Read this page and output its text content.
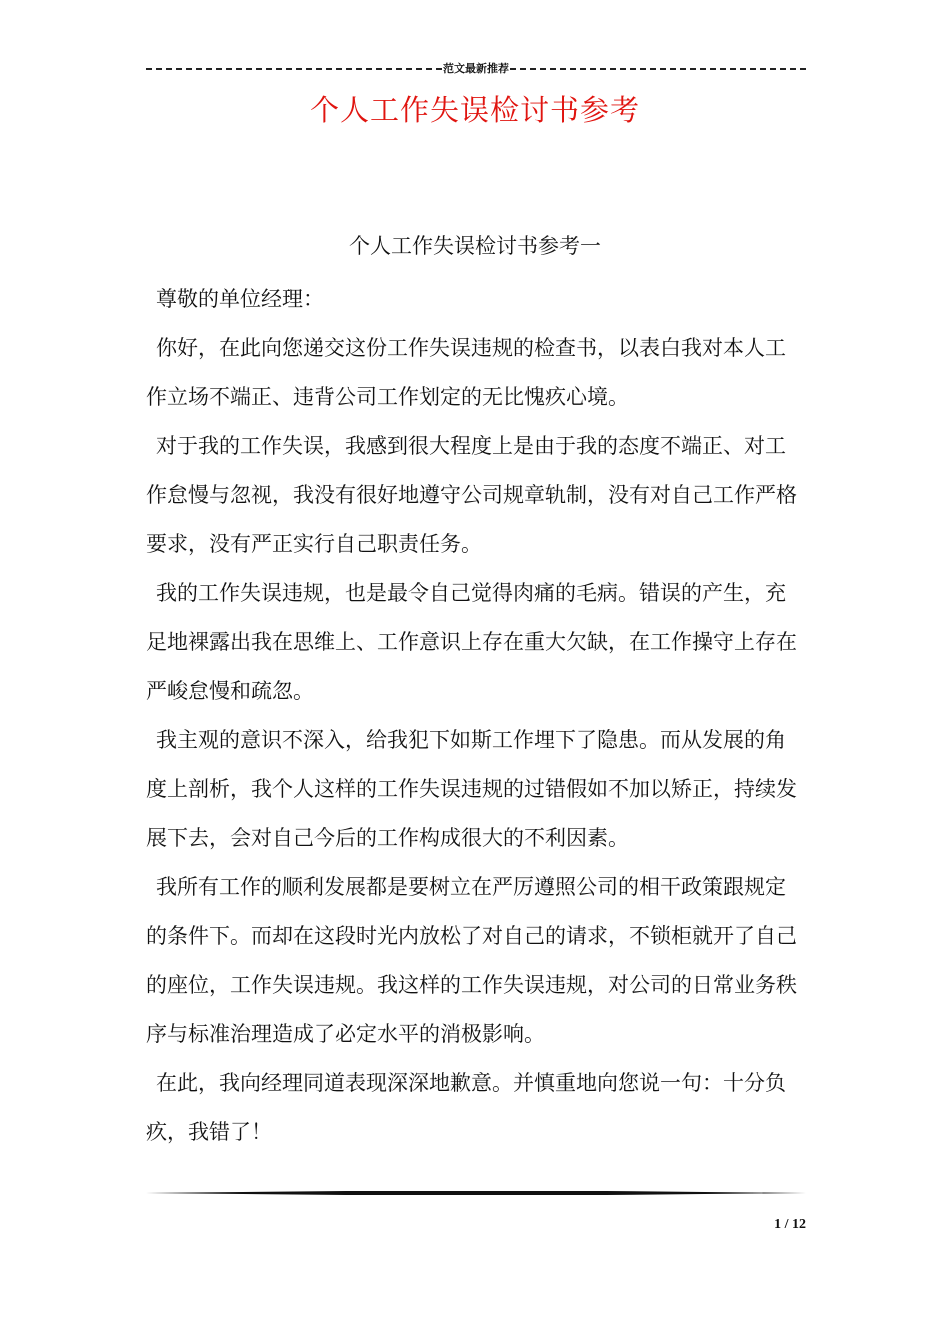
范文最新推荐
个人工作失误检讨书参考
个人工作失误检讨书参考一

尊敬的单位经理：

你好，在此向您递交这份工作失误违规的检查书，以表白我对本人工作立场不端正、违背公司工作划定的无比愧疚心境。

对于我的工作失误，我感到很大程度上是由于我的态度不端正、对工作怠慢与忽视，我没有很好地遵守公司规章轨制，没有对自己工作严格要求，没有严正实行自己职责任务。

我的工作失误违规，也是最令自己觉得肉痛的毛病。错误的产生，充足地裸露出我在思维上、工作意识上存在重大欠缺，在工作操守上存在严峻怠慢和疏忽。

我主观的意识不深入，给我犯下如斯工作埋下了隐患。而从发展的角度上剖析，我个人这样的工作失误违规的过错假如不加以矫正，持续发展下去，会对自己今后的工作构成很大的不利因素。

我所有工作的顺利发展都是要树立在严厉遵照公司的相干政策跟规定的条件下。而却在这段时光内放松了对自己的请求，不锁柜就开了自己的座位，工作失误违规。我这样的工作失误违规，对公司的日常业务秩序与标准治理造成了必定水平的消极影响。

在此，我向经理同道表现深深地歉意。并慎重地向您说一句：十分负疚，我错了！

1 / 12
